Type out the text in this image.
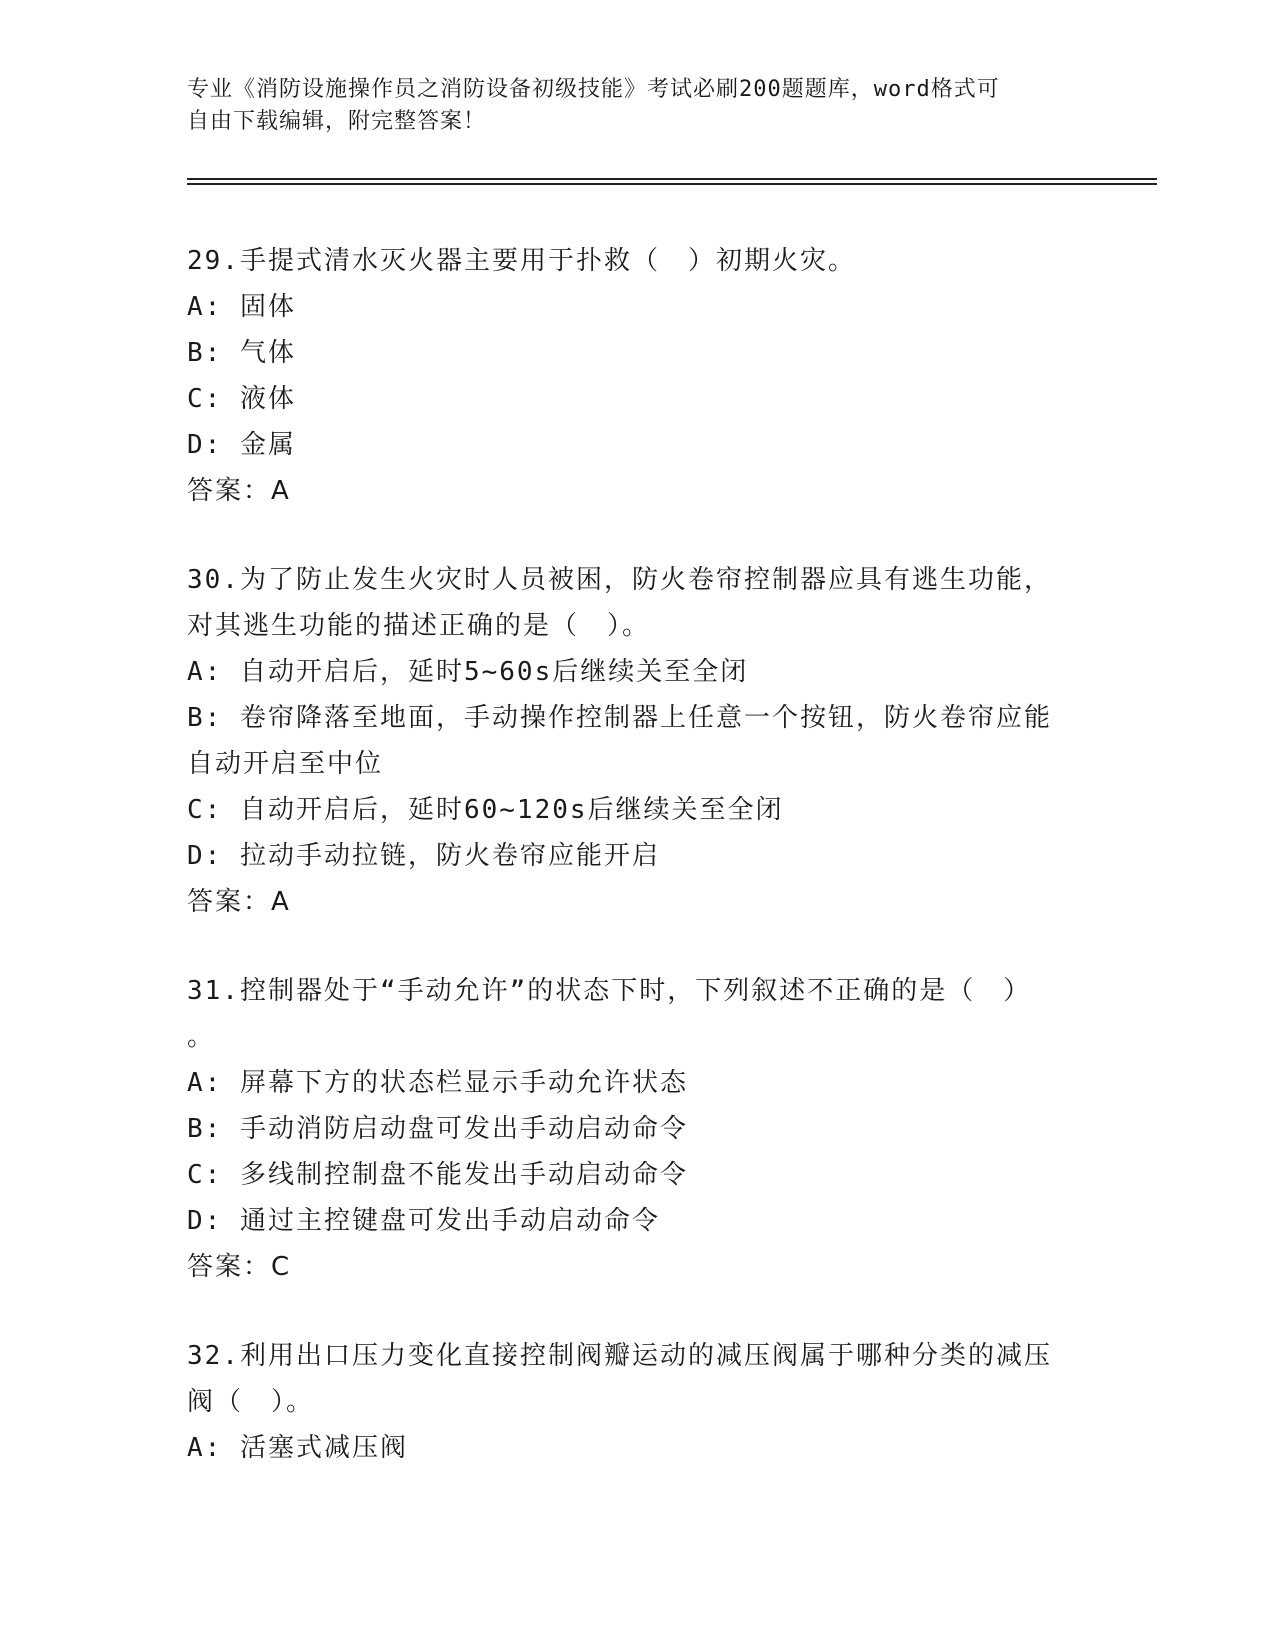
专业《消防设施操作员之消防设备初级技能》考试必刷200题题库，word格式可
自由下载编辑，附完整答案！
29.手提式清水灭火器主要用于扑救（　）初期火灾。
A: 固体
B: 气体
C: 液体
D: 金属
答案：A
30.为了防止发生火灾时人员被困，防火卷帘控制器应具有逃生功能，
对其逃生功能的描述正确的是（　）。
A: 自动开启后，延时5~60s后继续关至全闭
B: 卷帘降落至地面，手动操作控制器上任意一个按钮，防火卷帘应能
自动开启至中位
C: 自动开启后，延时60~120s后继续关至全闭
D: 拉动手动拉链，防火卷帘应能开启
答案：A
31.控制器处于“手动允许”的状态下时，下列叙述不正确的是（　）
。
A: 屏幕下方的状态栏显示手动允许状态
B: 手动消防启动盘可发出手动启动命令
C: 多线制控制盘不能发出手动启动命令
D: 通过主控键盘可发出手动启动命令
答案：C
32.利用出口压力变化直接控制阀瓣运动的减压阀属于哪种分类的减压
阀（　）。
A: 活塞式减压阀
